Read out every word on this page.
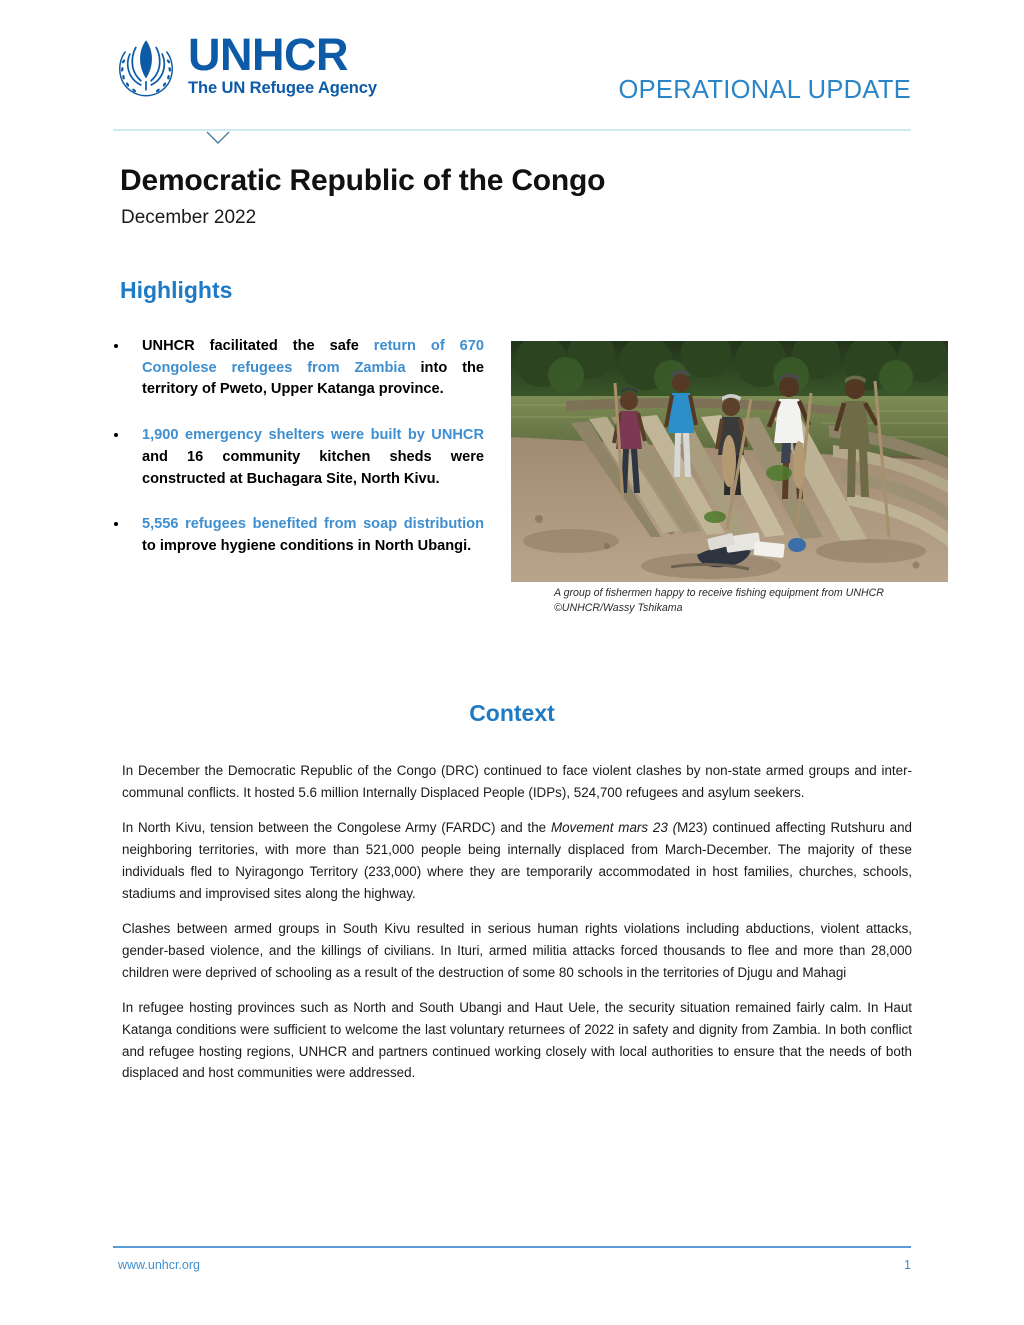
UNHCR
The UN Refugee Agency	OPERATIONAL UPDATE
Democratic Republic of the Congo
December 2022
Highlights
UNHCR facilitated the safe return of 670 Congolese refugees from Zambia into the territory of Pweto, Upper Katanga province.
1,900 emergency shelters were built by UNHCR and 16 community kitchen sheds were constructed at Buchagara Site, North Kivu.
5,556 refugees benefited from soap distribution to improve hygiene conditions in North Ubangi.
A group of fishermen happy to receive fishing equipment from UNHCR ©UNHCR/Wassy Tshikama
Context

In December the Democratic Republic of the Congo (DRC) continued to face violent clashes by non-state armed groups and inter-communal conflicts. It hosted 5.6 million Internally Displaced People (IDPs), 524,700 refugees and asylum seekers.

In North Kivu, tension between the Congolese Army (FARDC) and the Movement mars 23 (M23) continued affecting Rutshuru and neighboring territories, with more than 521,000 people being internally displaced from March-December. The majority of these individuals fled to Nyiragongo Territory (233,000) where they are temporarily accommodated in host families, churches, schools, stadiums and improvised sites along the highway.

Clashes between armed groups in South Kivu resulted in serious human rights violations including abductions, violent attacks, gender-based violence, and the killings of civilians. In Ituri, armed militia attacks forced thousands to flee and more than 28,000 children were deprived of schooling as a result of the destruction of some 80 schools in the territories of Djugu and Mahagi

In refugee hosting provinces such as North and South Ubangi and Haut Uele, the security situation remained fairly calm. In Haut Katanga conditions were sufficient to welcome the last voluntary returnees of 2022 in safety and dignity from Zambia. In both conflict and refugee hosting regions, UNHCR and partners continued working closely with local authorities to ensure that the needs of both displaced and host communities were addressed.

www.unhcr.org	1
